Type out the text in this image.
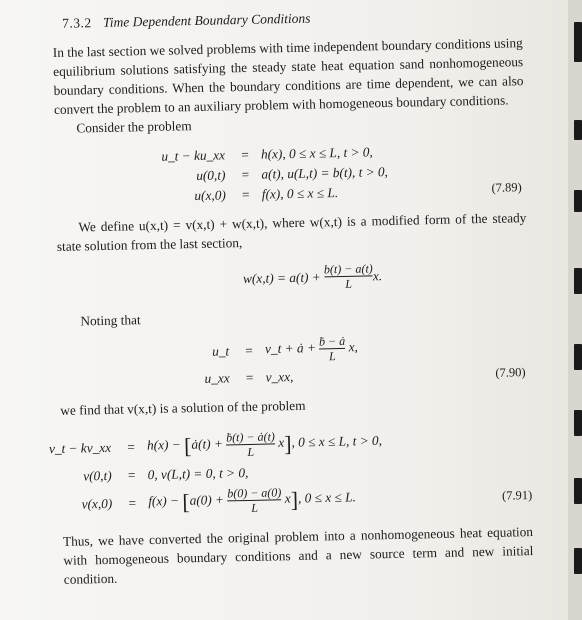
7.3.2 Time Dependent Boundary Conditions

In the last section we solved problems with time independent boundary conditions using equilibrium solutions satisfying the steady state heat equation sand nonhomogeneous boundary conditions. When the boundary conditions are time dependent, we can also convert the problem to an auxiliary problem with homogeneous boundary conditions.

Consider the problem

u_t − ku_xx	= h(x), 0 ≤ x ≤ L, t > 0,
u(0,t)	= a(t), u(L,t) = b(t), t > 0,
u(x,0)	= f(x), 0 ≤ x ≤ L.	(7.89)

We define u(x,t) = v(x,t) + w(x,t), where w(x,t) is a modified form of the steady state solution from the last section,

w(x,t) = a(t) +
$\frac{b(t) - a(t)}{L} x$.

Noting that

u_t	= v_t + ȧ + $\frac{\text{ḃ − ȧ}}{L} x$,
u_xx	= v_xx,	(7.90)

we find that v(x,t) is a solution of the problem

v_t − kv_xx	= h(x) − [ȧ(t) + $\frac{\text{ḃ(t) − ȧ(t)}}{L} x$], 0 ≤ x ≤ L, t > 0,
v(0,t)	= 0, v(L,t) = 0, t > 0,
v(x,0)	= $f(x) - [a(0) + \frac{b(0) - a(0)}{L} x]$, 0 ≤ x ≤ L.	(7.91)

Thus, we have converted the original problem into a nonhomogeneous heat equation with homogeneous boundary conditions and a new source term and new initial condition.
